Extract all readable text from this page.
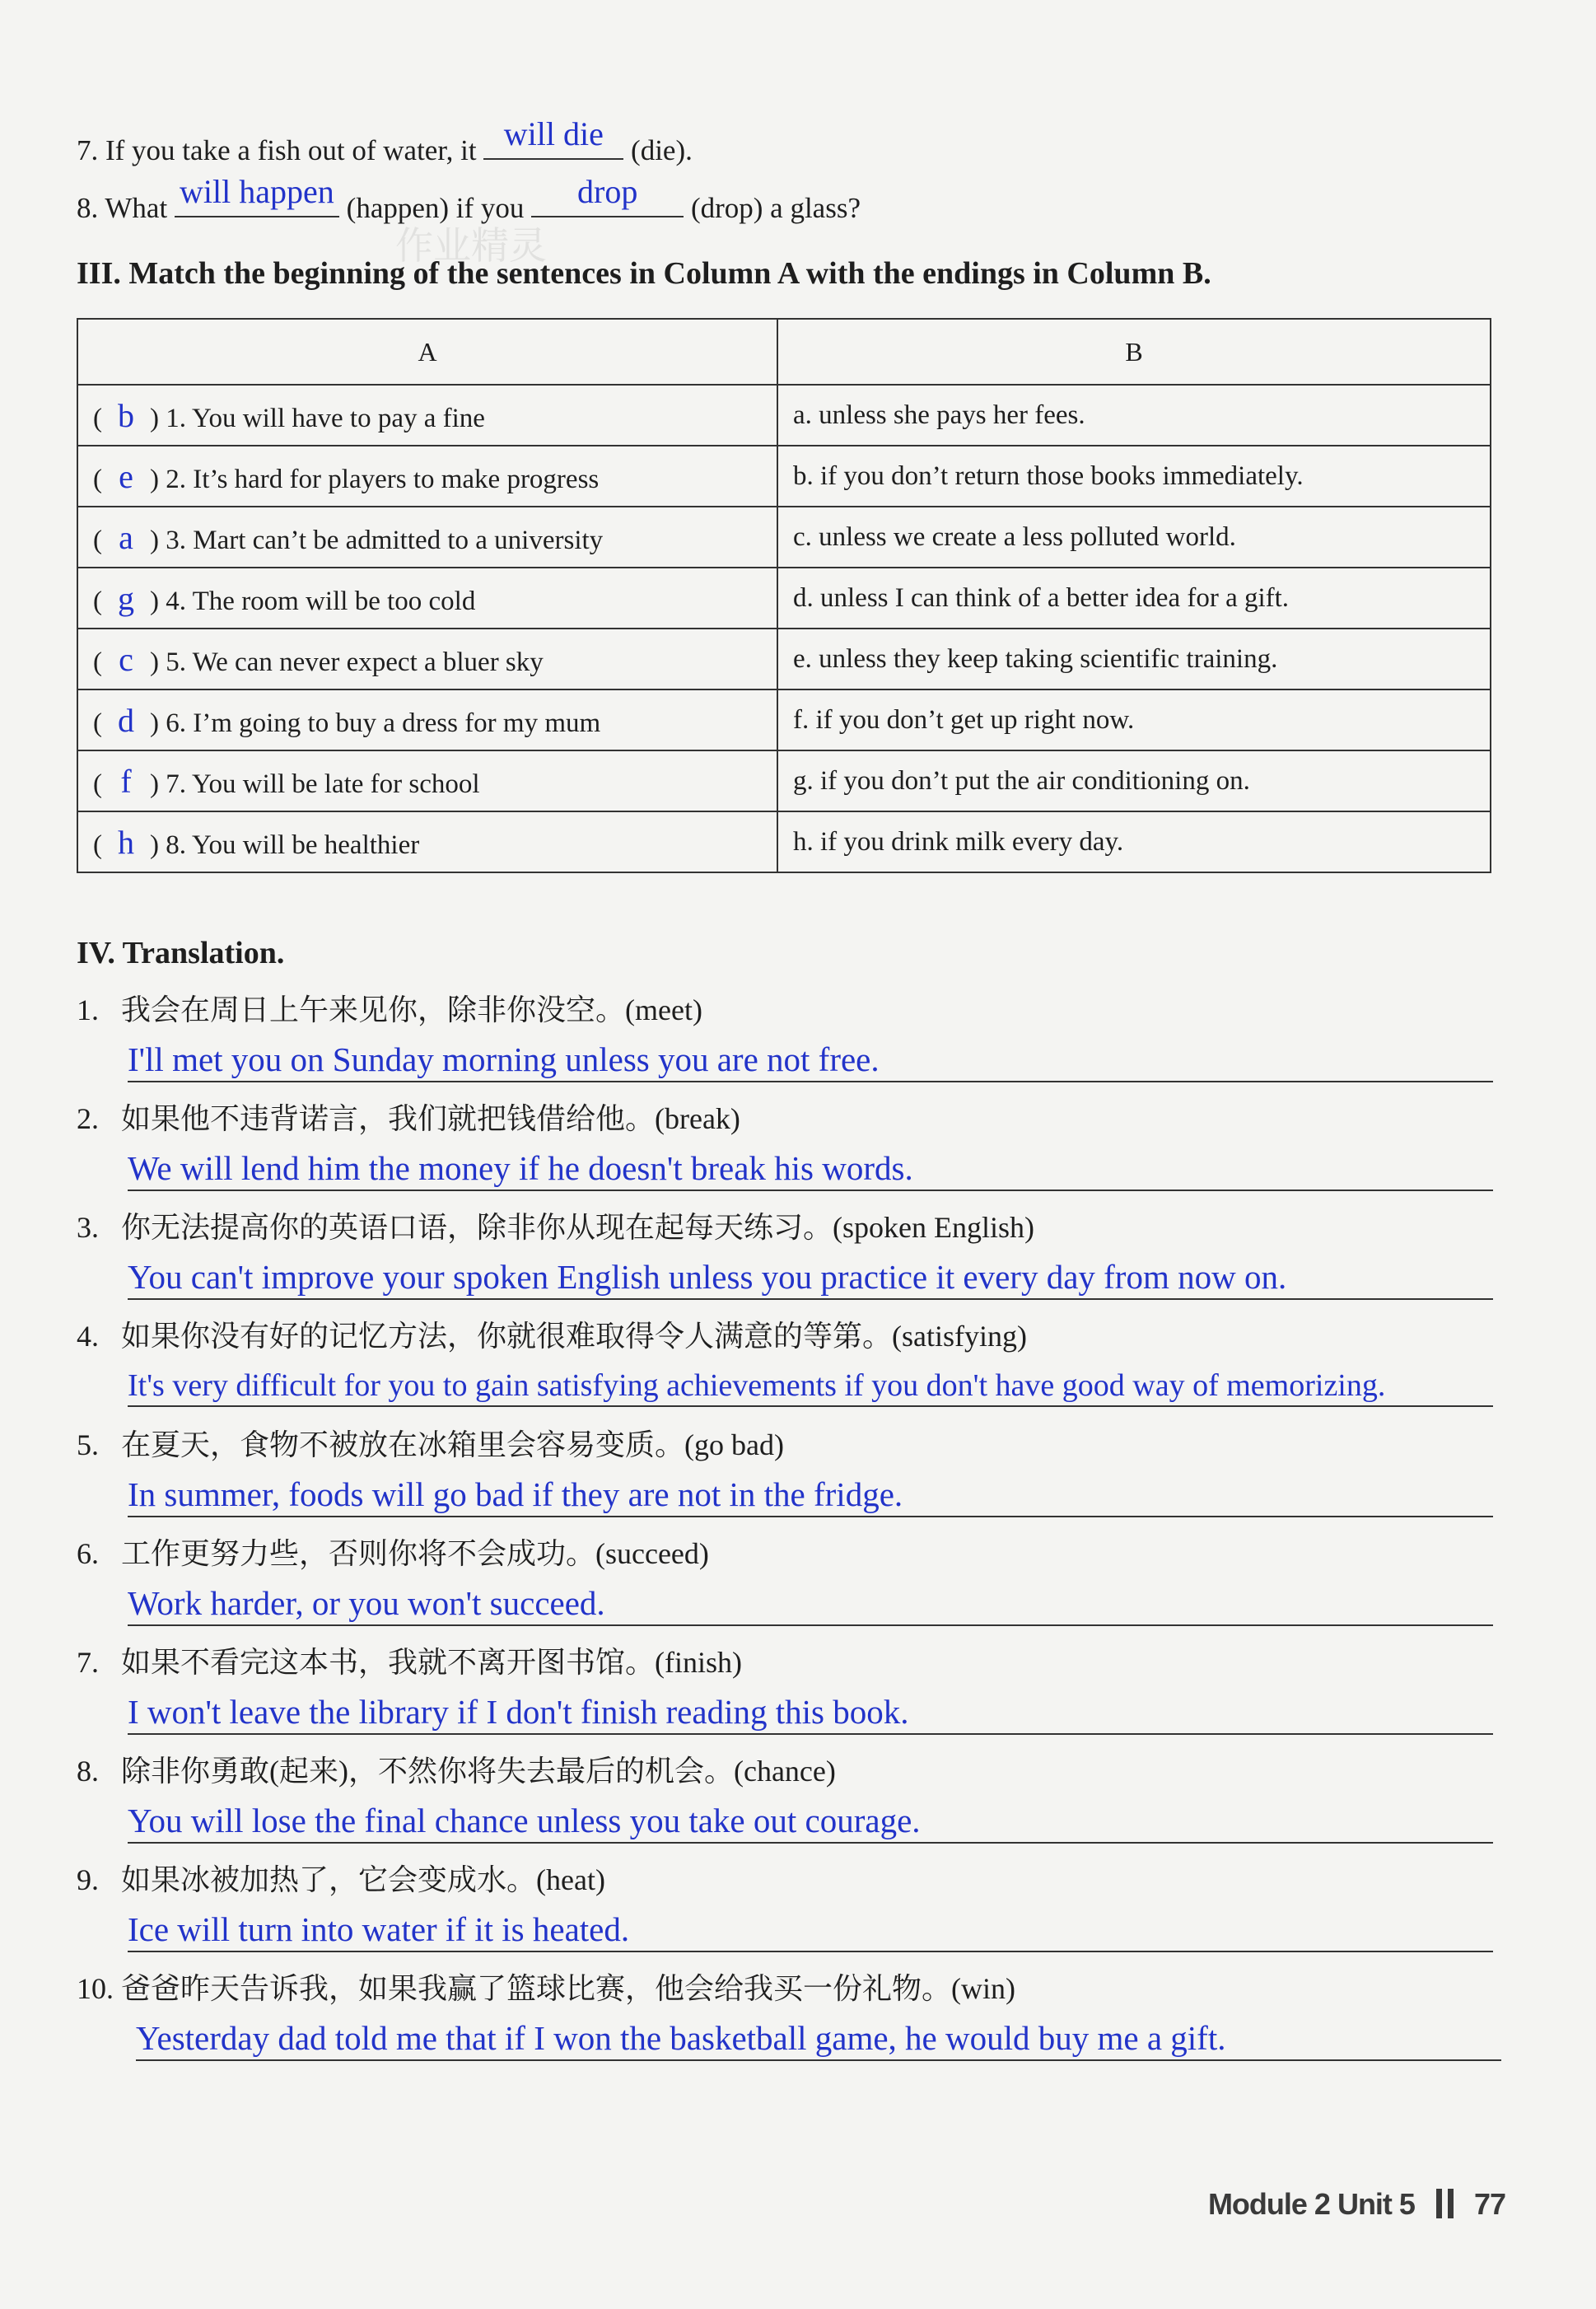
7. If you take a fish out of water, it will die (die).
8. What will happen (happen) if you	drop	(drop) a glass?
作业精灵
III. Match the beginning of the sentences in Column A with the endings in Column B.
A	B
( b ) 1. You will have to pay a fine	a. unless she pays her fees.
( e ) 2. It’s hard for players to make progress	b. if you don’t return those books immediately.
( a ) 3. Mart can’t be admitted to a university	c. unless we create a less polluted world.
( g ) 4. The room will be too cold	d. unless I can think of a better idea for a gift.
( c ) 5. We can never expect a bluer sky	e. unless they keep taking scientific training.
( d ) 6. I’m going to buy a dress for my mum	f. if you don’t get up right now.
( f ) 7. You will be late for school	g. if you don’t put the air conditioning on.
( h ) 8. You will be healthier	h. if you drink milk every day.
IV. Translation.
1. 我会在周日上午来见你，除非你没空。(meet)
I'll met you on Sunday morning unless you are not free.
2. 如果他不违背诺言，我们就把钱借给他。(break)
We will lend him the money if he doesn't break his words.
3. 你无法提高你的英语口语，除非你从现在起每天练习。(spoken English)
You can't improve your spoken English unless you practice it every day from now on.
4. 如果你没有好的记忆方法，你就很难取得令人满意的等第。(satisfying)
It's very difficult for you to gain satisfying achievements if you don't have good way of memorizing.
5. 在夏天，食物不被放在冰箱里会容易变质。(go bad)
In summer, foods will go bad if they are not in the fridge.
6. 工作更努力些，否则你将不会成功。(succeed)
Work harder, or you won't succeed.
7. 如果不看完这本书，我就不离开图书馆。(finish)
I won't leave the library if I don't finish reading this book.
8. 除非你勇敢(起来)，不然你将失去最后的机会。(chance)
You will lose the final chance unless you take out courage.
9. 如果冰被加热了，它会变成水。(heat)
Ice will turn into water if it is heated.
10. 爸爸昨天告诉我，如果我赢了篮球比赛，他会给我买一份礼物。(win)
Yesterday dad told me that if I won the basketball game, he would buy me a gift.
Module 2 Unit 5 77
